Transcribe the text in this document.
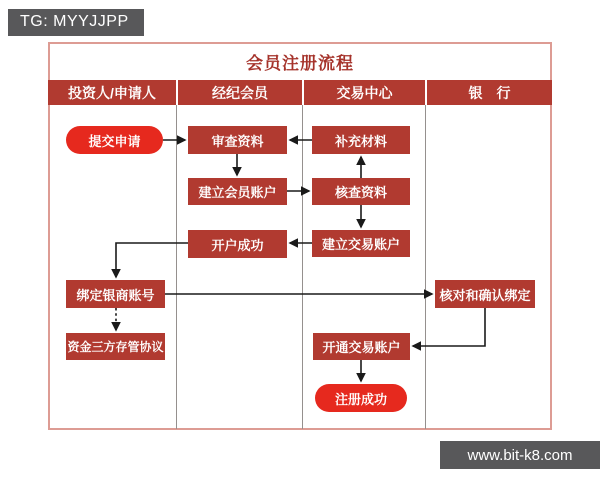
TG: MYYJJPP
会员注册流程
投资人/申请人	经纪会员	交易中心	银　行
提交申请	审查资料	补充材料
建立会员账户	核查资料
开户成功	建立交易账户
绑定银商账号	核对和确认绑定
资金三方存管协议	开通交易账户
注册成功
www.bit-k8.com
